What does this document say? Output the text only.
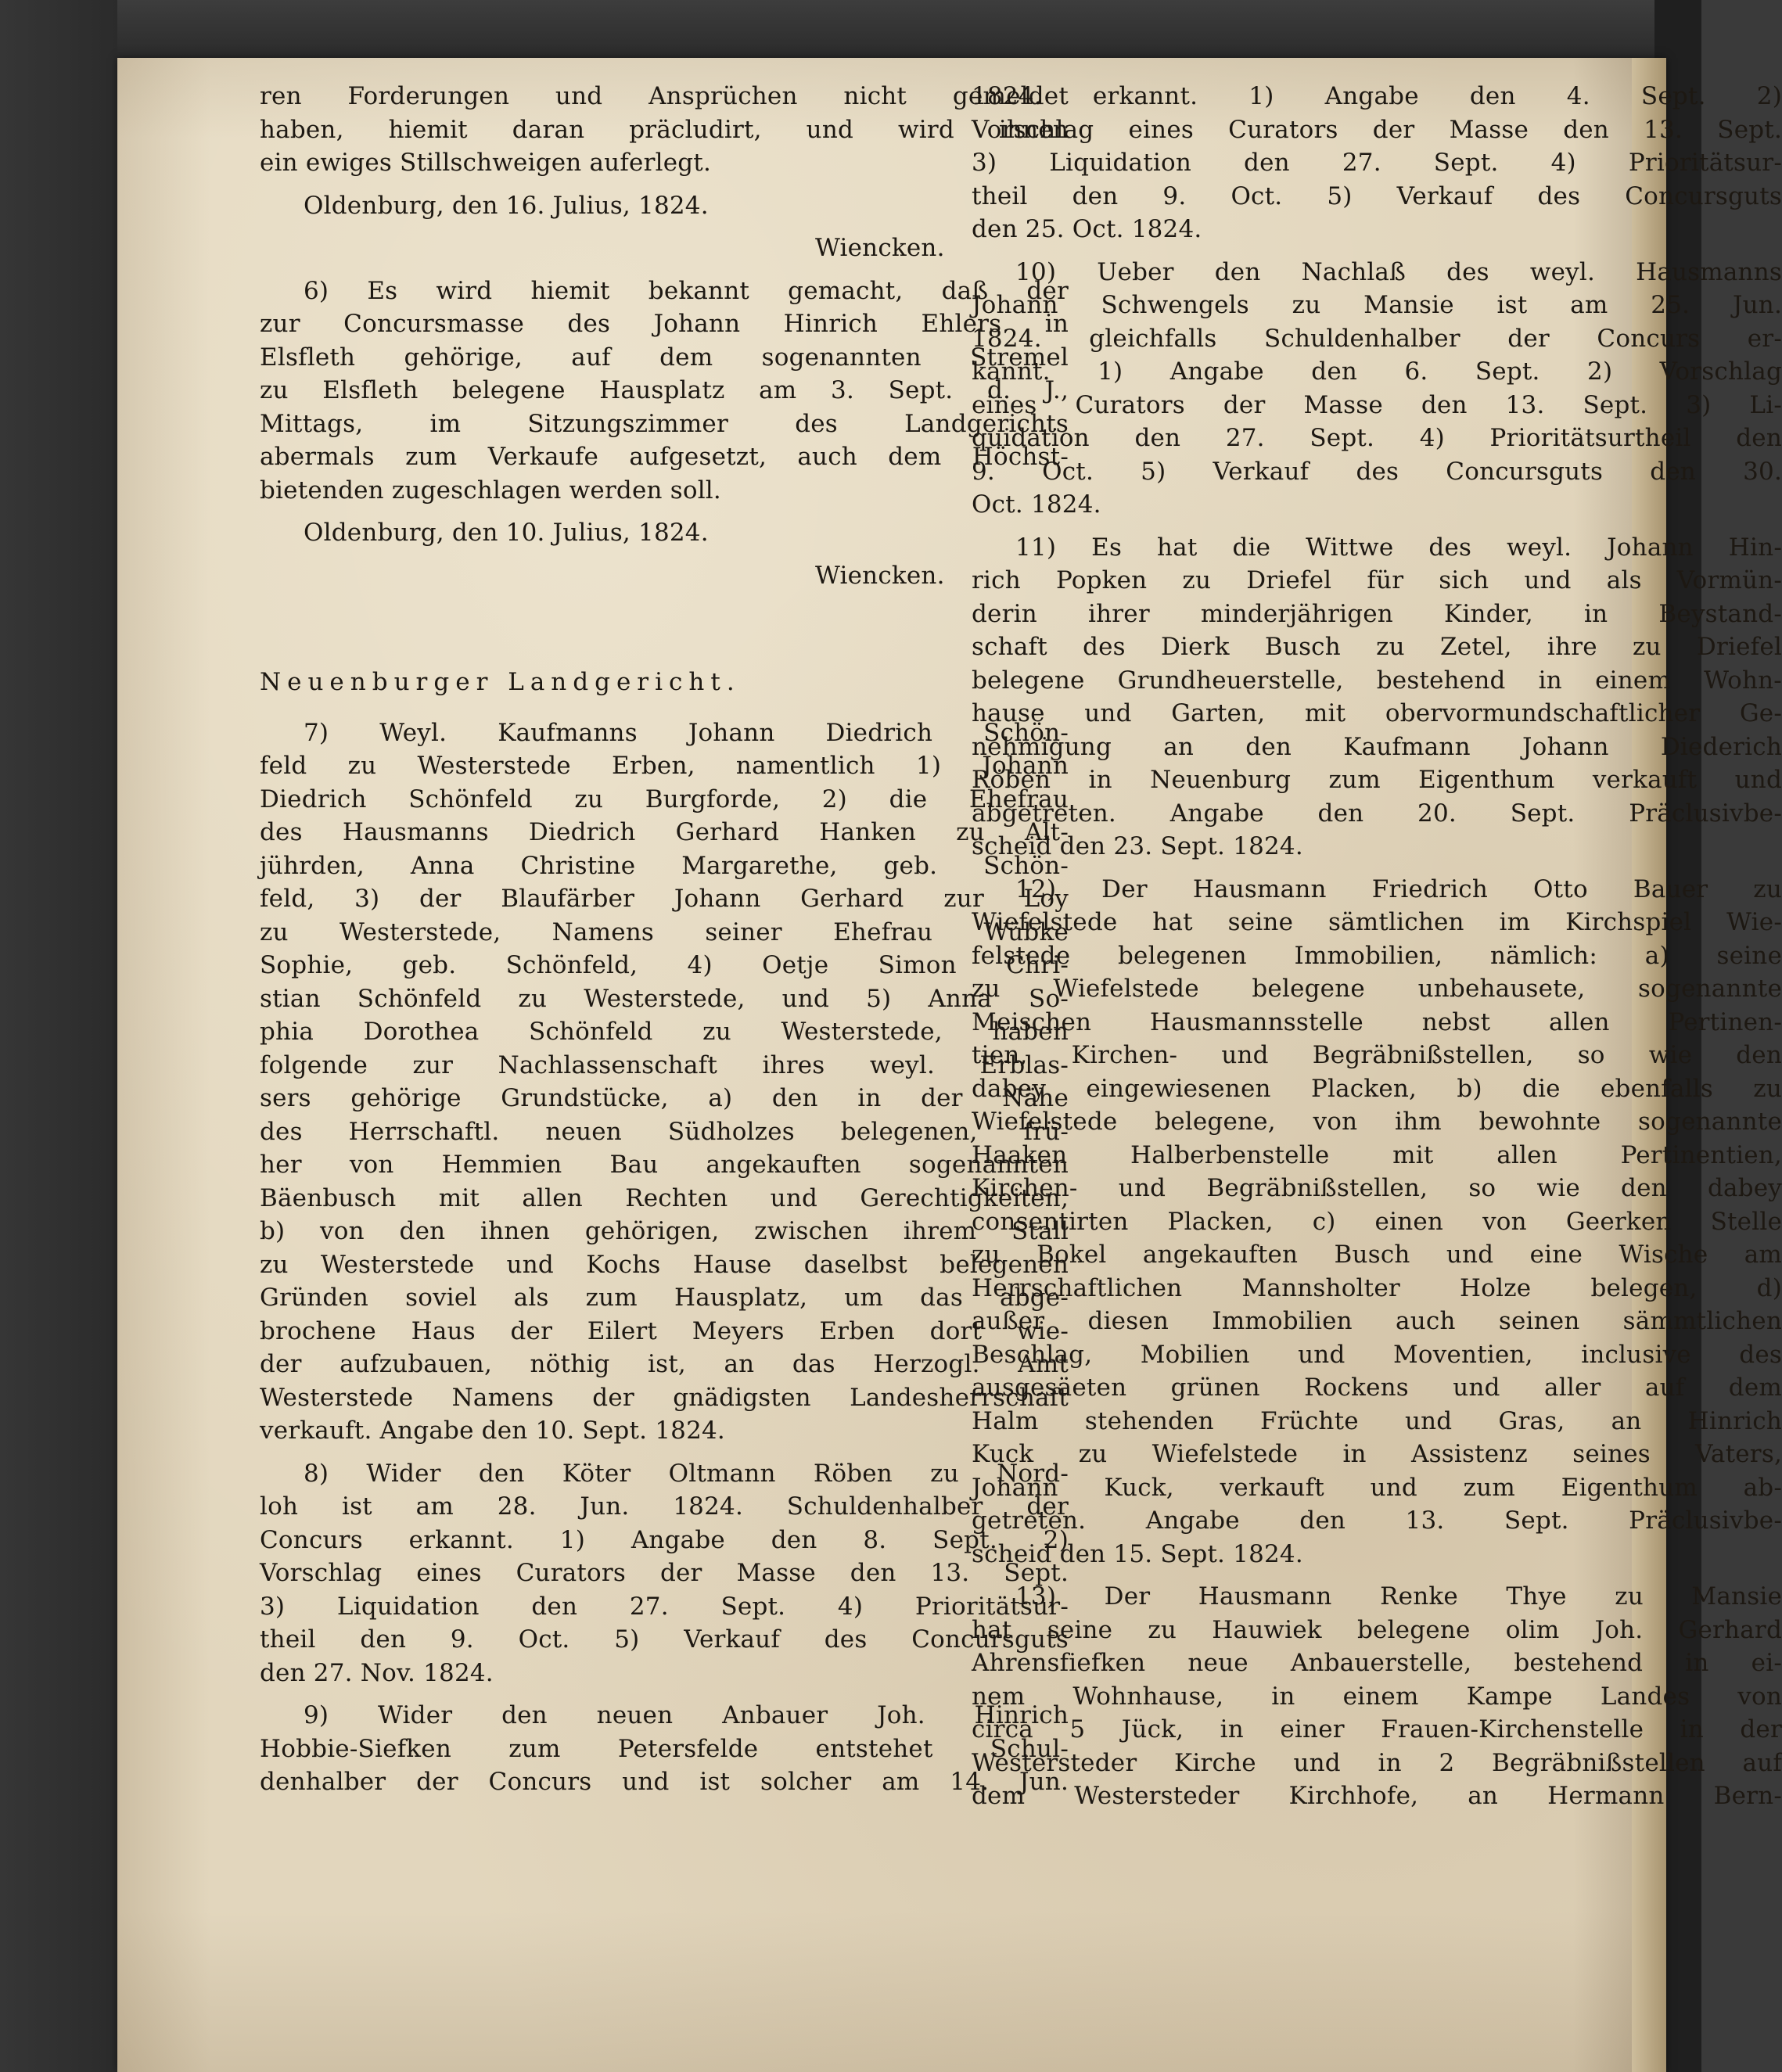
ren Forderungen und Ansprüchen nicht gemeldet
haben, hiemit daran präcludirt, und wird ihnen
ein ewiges Stillschweigen auferlegt.
Oldenburg, den 16. Julius, 1824.
Wiencken.
6) Es wird hiemit bekannt gemacht, daß der
zur Concursmasse des Johann Hinrich Ehlers in
Elsfleth gehörige, auf dem sogenannten Stremel
zu Elsfleth belegene Hausplatz am 3. Sept. d. J.,
Mittags, im Sitzungszimmer des Landgerichts
abermals zum Verkaufe aufgesetzt, auch dem Höchst-
bietenden zugeschlagen werden soll.
Oldenburg, den 10. Julius, 1824.
Wiencken.
Neuenburger Landgericht.
7) Weyl. Kaufmanns Johann Diedrich Schön-
feld zu Westerstede Erben, namentlich 1) Johann
Diedrich Schönfeld zu Burgforde, 2) die Ehefrau
des Hausmanns Diedrich Gerhard Hanken zu Alt-
jührden, Anna Christine Margarethe, geb. Schön-
feld, 3) der Blaufärber Johann Gerhard zur Loy
zu Westerstede, Namens seiner Ehefrau Wübke
Sophie, geb. Schönfeld, 4) Oetje Simon Chri-
stian Schönfeld zu Westerstede, und 5) Anna So-
phia Dorothea Schönfeld zu Westerstede, haben
folgende zur Nachlassenschaft ihres weyl. Erblas-
sers gehörige Grundstücke, a) den in der Nähe
des Herrschaftl. neuen Südholzes belegenen, frü-
her von Hemmien Bau angekauften sogenannten
Bäenbusch mit allen Rechten und Gerechtigkeiten,
b) von den ihnen gehörigen, zwischen ihrem Stall
zu Westerstede und Kochs Hause daselbst belegenen
Gründen soviel als zum Hausplatz, um das abge-
brochene Haus der Eilert Meyers Erben dort wie-
der aufzubauen, nöthig ist, an das Herzogl. Amt
Westerstede Namens der gnädigsten Landesherrschaft
verkauft. Angabe den 10. Sept. 1824.
8) Wider den Köter Oltmann Röben zu Nord-
loh ist am 28. Jun. 1824. Schuldenhalber der
Concurs erkannt. 1) Angabe den 8. Sept. 2)
Vorschlag eines Curators der Masse den 13. Sept.
3) Liquidation den 27. Sept. 4) Prioritätsur-
theil den 9. Oct. 5) Verkauf des Concursguts
den 27. Nov. 1824.
9) Wider den neuen Anbauer Joh. Hinrich
Hobbie-Siefken zum Petersfelde entstehet Schul-
denhalber der Concurs und ist solcher am 14. Jun.
1824. erkannt. 1) Angabe den 4. Sept. 2)
Vorschlag eines Curators der Masse den 13. Sept.
3) Liquidation den 27. Sept. 4) Prioritätsur-
theil den 9. Oct. 5) Verkauf des Concursguts
den 25. Oct. 1824.
10) Ueber den Nachlaß des weyl. Hausmanns
Johann Schwengels zu Mansie ist am 25. Jun.
1824. gleichfalls Schuldenhalber der Concurs er-
kannt. 1) Angabe den 6. Sept. 2) Vorschlag
eines Curators der Masse den 13. Sept. 3) Li-
quidation den 27. Sept. 4) Prioritätsurtheil den
9. Oct. 5) Verkauf des Concursguts den 30.
Oct. 1824.
11) Es hat die Wittwe des weyl. Johann Hin-
rich Popken zu Driefel für sich und als Vormün-
derin ihrer minderjährigen Kinder, in Beystand-
schaft des Dierk Busch zu Zetel, ihre zu Driefel
belegene Grundheuerstelle, bestehend in einem Wohn-
hause und Garten, mit obervormundschaftlicher Ge-
nehmigung an den Kaufmann Johann Diederich
Röben in Neuenburg zum Eigenthum verkauft und
abgetreten. Angabe den 20. Sept. Präclusivbe-
scheid den 23. Sept. 1824.
12) Der Hausmann Friedrich Otto Bauer zu
Wiefelstede hat seine sämtlichen im Kirchspiel Wie-
felstede belegenen Immobilien, nämlich: a) seine
zu Wiefelstede belegene unbehausete, sogenannte
Meischen Hausmannsstelle nebst allen Pertinen-
tien, Kirchen- und Begräbnißstellen, so wie den
dabey eingewiesenen Placken, b) die ebenfalls zu
Wiefelstede belegene, von ihm bewohnte sogenannte
Haaken Halberbenstelle mit allen Pertinentien,
Kirchen- und Begräbnißstellen, so wie den dabey
consentirten Placken, c) einen von Geerken Stelle
zu Bokel angekauften Busch und eine Wische am
Herrschaftlichen Mannsholter Holze belegen, d)
außer diesen Immobilien auch seinen sämmtlichen
Beschlag, Mobilien und Moventien, inclusive des
ausgesäeten grünen Rockens und aller auf dem
Halm stehenden Früchte und Gras, an Hinrich
Kuck zu Wiefelstede in Assistenz seines Vaters,
Johann Kuck, verkauft und zum Eigenthum ab-
getreten. Angabe den 13. Sept. Präclusivbe-
scheid den 15. Sept. 1824.
13) Der Hausmann Renke Thye zu Mansie
hat seine zu Hauwiek belegene olim Joh. Gerhard
Ahrensfiefken neue Anbauerstelle, bestehend in ei-
nem Wohnhause, in einem Kampe Landes von
circa 5 Jück, in einer Frauen-Kirchenstelle in der
Westersteder Kirche und in 2 Begräbnißstellen auf
dem Westersteder Kirchhofe, an Hermann Bern-
